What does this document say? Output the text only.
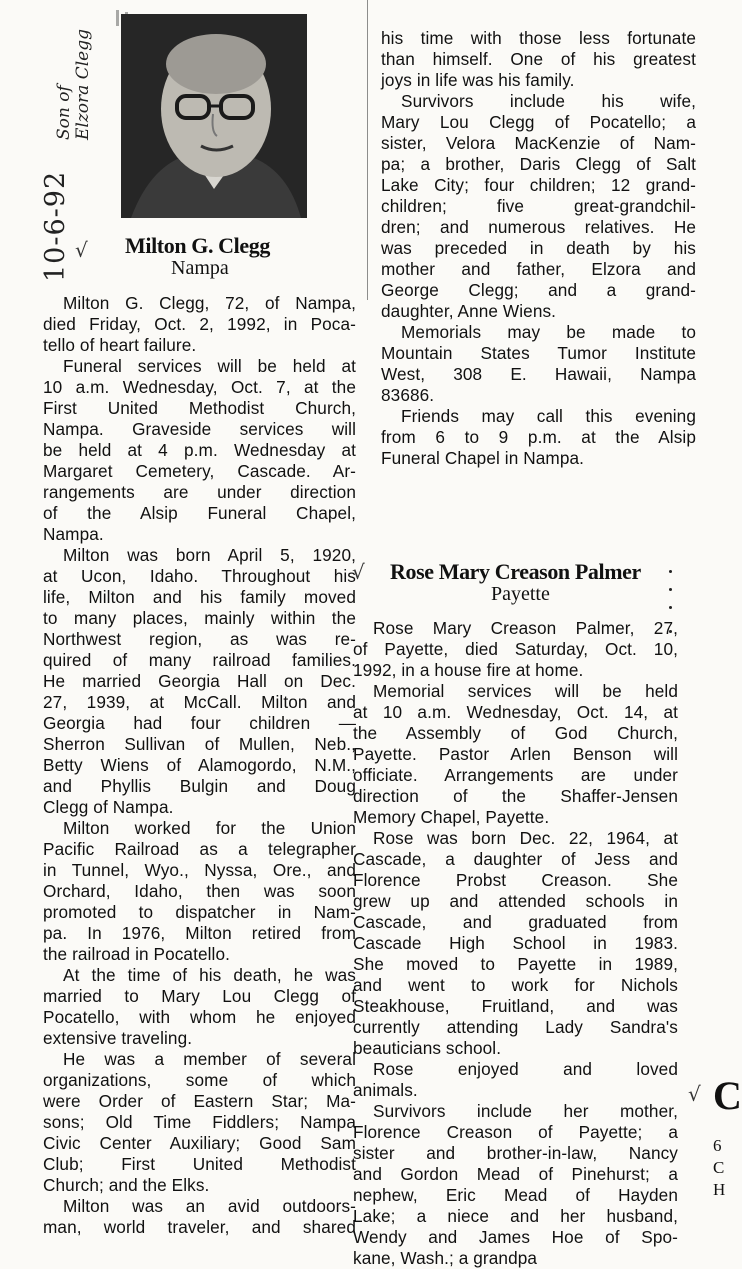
10-6-92
Son of Elzora Clegg
√
√
√
Milton G. Clegg
Nampa
Milton G. Clegg, 72, of Nampa,
died Friday, Oct. 2, 1992, in Poca-
tello of heart failure.
Funeral services will be held at
10 a.m. Wednesday, Oct. 7, at the
First United Methodist Church,
Nampa. Graveside services will
be held at 4 p.m. Wednesday at
Margaret Cemetery, Cascade. Ar-
rangements are under direction
of the Alsip Funeral Chapel,
Nampa.
Milton was born April 5, 1920,
at Ucon, Idaho. Throughout his
life, Milton and his family moved
to many places, mainly within the
Northwest region, as was re-
quired of many railroad families.
He married Georgia Hall on Dec.
27, 1939, at McCall. Milton and
Georgia had four children —
Sherron Sullivan of Mullen, Neb.,
Betty Wiens of Alamogordo, N.M.,
and Phyllis Bulgin and Doug
Clegg of Nampa.
Milton worked for the Union
Pacific Railroad as a telegrapher
in Tunnel, Wyo., Nyssa, Ore., and
Orchard, Idaho, then was soon
promoted to dispatcher in Nam-
pa. In 1976, Milton retired from
the railroad in Pocatello.
At the time of his death, he was
married to Mary Lou Clegg of
Pocatello, with whom he enjoyed
extensive traveling.
He was a member of several
organizations, some of which
were Order of Eastern Star; Ma-
sons; Old Time Fiddlers; Nampa
Civic Center Auxiliary; Good Sam
Club; First United Methodist
Church; and the Elks.
Milton was an avid outdoors-
man, world traveler, and shared
his time with those less fortunate
than himself. One of his greatest
joys in life was his family.
Survivors include his wife,
Mary Lou Clegg of Pocatello; a
sister, Velora MacKenzie of Nam-
pa; a brother, Daris Clegg of Salt
Lake City; four children; 12 grand-
children; five great-grandchil-
dren; and numerous relatives. He
was preceded in death by his
mother and father, Elzora and
George Clegg; and a grand-
daughter, Anne Wiens.
Memorials may be made to
Mountain States Tumor Institute
West, 308 E. Hawaii, Nampa
83686.
Friends may call this evening
from 6 to 9 p.m. at the Alsip
Funeral Chapel in Nampa.
Rose Mary Creason Palmer
Payette
Rose Mary Creason Palmer, 27,
of Payette, died Saturday, Oct. 10,
1992, in a house fire at home.
Memorial services will be held
at 10 a.m. Wednesday, Oct. 14, at
the Assembly of God Church,
Payette. Pastor Arlen Benson will
officiate. Arrangements are under
direction of the Shaffer-Jensen
Memory Chapel, Payette.
Rose was born Dec. 22, 1964, at
Cascade, a daughter of Jess and
Florence Probst Creason. She
grew up and attended schools in
Cascade, and graduated from
Cascade High School in 1983.
She moved to Payette in 1989,
and went to work for Nichols
Steakhouse, Fruitland, and was
currently attending Lady Sandra's
beauticians school.
Rose enjoyed and loved
animals.
Survivors include her mother,
Florence Creason of Payette; a
sister and brother-in-law, Nancy
and Gordon Mead of Pinehurst; a
nephew, Eric Mead of Hayden
Lake; a niece and her husband,
Wendy and James Hoe of Spo-
kane, Wash.; a grandpa
C
6
C
H
